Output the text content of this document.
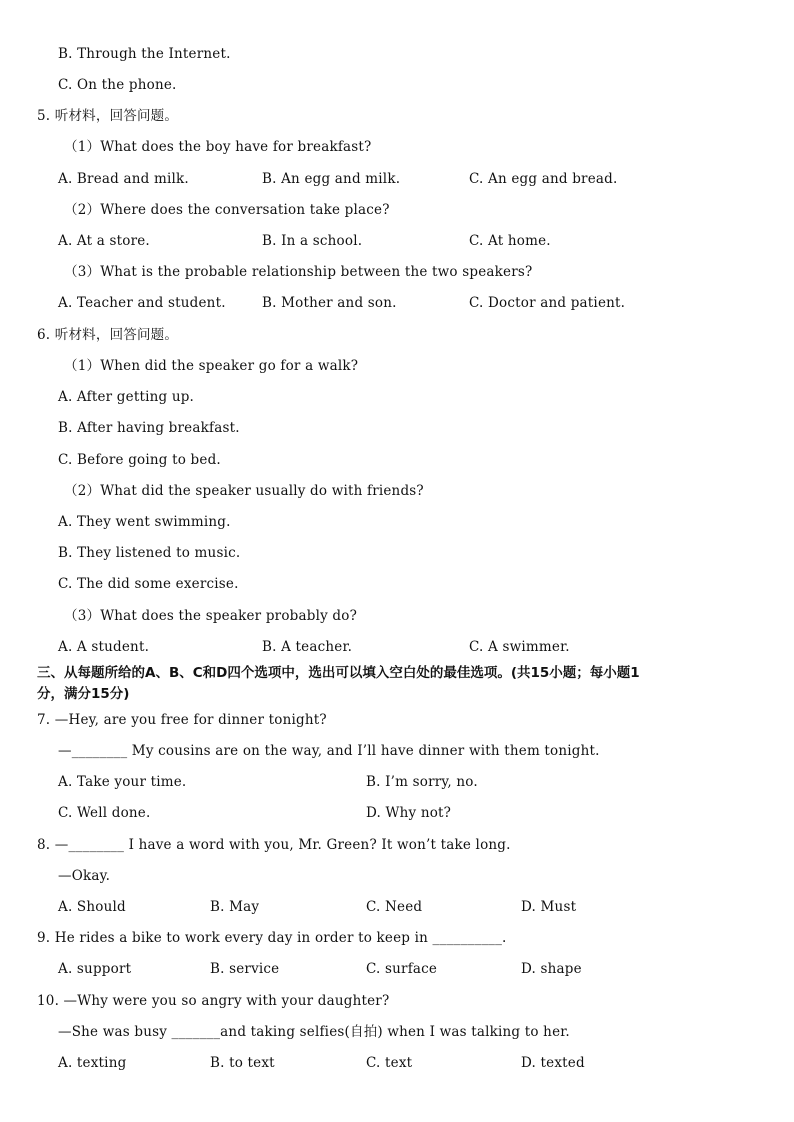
B. Through the Internet.
C. On the phone.
5. 听材料，回答问题。
（1）What does the boy have for breakfast?
A. Bread and milk.	B. An egg and milk.	C. An egg and bread.
（2）Where does the conversation take place?
A. At a store.	B. In a school.	C. At home.
（3）What is the probable relationship between the two speakers?
A. Teacher and student.	B. Mother and son.	C. Doctor and patient.
6. 听材料，回答问题。
（1）When did the speaker go for a walk?
A. After getting up.
B. After having breakfast.
C. Before going to bed.
（2）What did the speaker usually do with friends?
A. They went swimming.
B. They listened to music.
C. The did some exercise.
（3）What does the speaker probably do?
A. A student.	B. A teacher.	C. A swimmer.
三、从每题所给的A、B、C和D四个选项中，选出可以填入空白处的最佳选项。(共15小题；每小题1
分，满分15分)
7. —Hey, are you free for dinner tonight?
—________ My cousins are on the way, and I’ll have dinner with them tonight.
A. Take your time.	B. I’m sorry, no.
C. Well done.	D. Why not?
8. —________ I have a word with you, Mr. Green? It won’t take long.
—Okay.
A. Should	B. May	C. Need	D. Must
9. He rides a bike to work every day in order to keep in __________.
A. support	B. service	C. surface	D. shape
10. —Why were you so angry with your daughter?
—She was busy _______and taking selfies(自拍) when I was talking to her.
A. texting	B. to text	C. text	D. texted
